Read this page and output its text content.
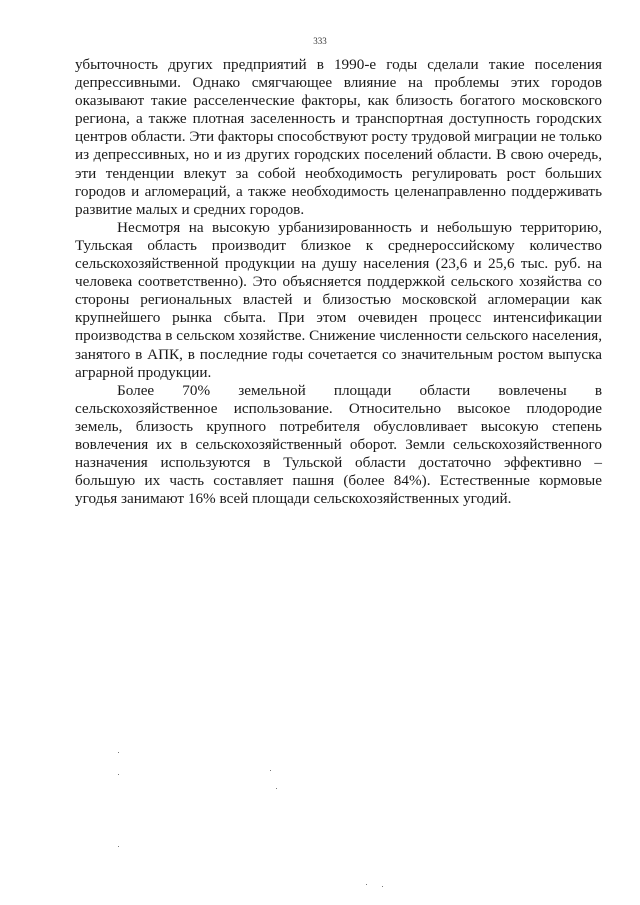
333

убыточность других предприятий в 1990-е годы сделали такие поселения депрессивными. Однако смягчающее влияние на проблемы этих городов оказывают такие расселенческие факторы, как близость богатого московского региона, а также плотная заселенность и транспортная доступность городских центров области. Эти факторы способствуют росту трудовой миграции не только из депрессивных, но и из других городских поселений области. В свою очередь, эти тенденции влекут за собой необходимость регулировать рост больших городов и агломераций, а также необходимость целенаправленно поддерживать развитие малых и средних городов.

Несмотря на высокую урбанизированность и небольшую территорию, Тульская область производит близкое к среднероссийскому количество сельскохозяйственной продукции на душу населения (23,6 и 25,6 тыс. руб. на человека соответственно). Это объясняется поддержкой сельского хозяйства со стороны региональных властей и близостью московской агломерации как крупнейшего рынка сбыта. При этом очевиден процесс интенсификации производства в сельском хозяйстве. Снижение численности сельского населения, занятого в АПК, в последние годы сочетается со значительным ростом выпуска аграрной продукции.

Более 70% земельной площади области вовлечены в сельскохозяйственное использование. Относительно высокое плодородие земель, близость крупного потребителя обусловливает высокую степень вовлечения их в сельскохозяйственный оборот. Земли сельскохозяйственного назначения используются в Тульской области достаточно эффективно – большую их часть составляет пашня (более 84%). Естественные кормовые угодья занимают 16% всей площади сельскохозяйственных угодий.
